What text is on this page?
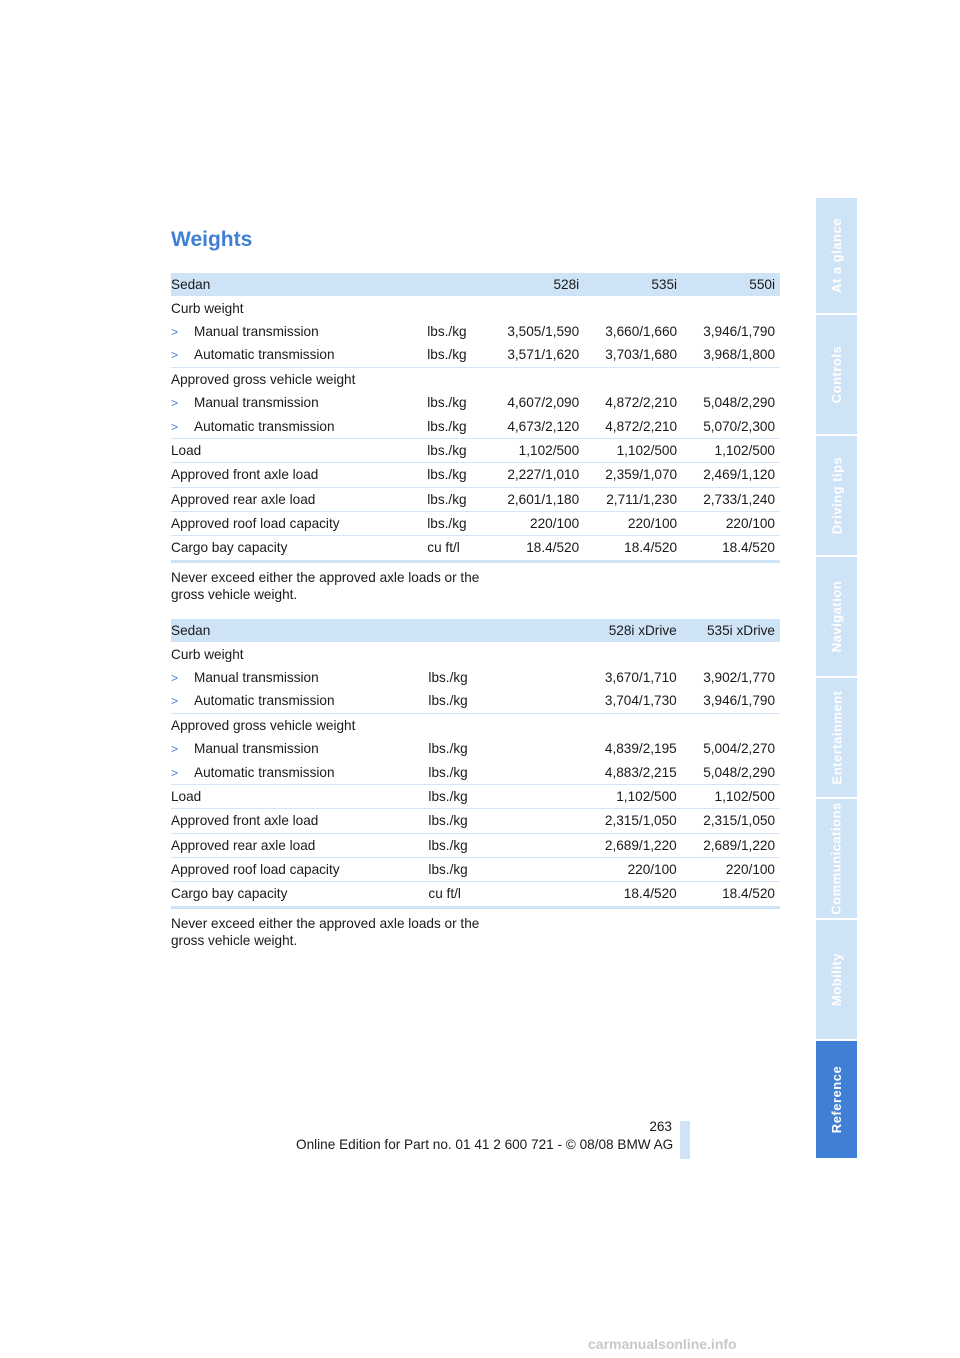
Weights
Sedan		528i	535i	550i
Curb weight				
> Manual transmission	lbs./kg	3,505/1,590	3,660/1,660	3,946/1,790
> Automatic transmission	lbs./kg	3,571/1,620	3,703/1,680	3,968/1,800
Approved gross vehicle weight				
> Manual transmission	lbs./kg	4,607/2,090	4,872/2,210	5,048/2,290
> Automatic transmission	lbs./kg	4,673/2,120	4,872/2,210	5,070/2,300
Load	lbs./kg	1,102/500	1,102/500	1,102/500
Approved front axle load	lbs./kg	2,227/1,010	2,359/1,070	2,469/1,120
Approved rear axle load	lbs./kg	2,601/1,180	2,711/1,230	2,733/1,240
Approved roof load capacity	lbs./kg	220/100	220/100	220/100
Cargo bay capacity	cu ft/l	18.4/520	18.4/520	18.4/520

Never exceed either the approved axle loads or the gross vehicle weight.

Sedan			528i xDrive	535i xDrive
Curb weight				
> Manual transmission	lbs./kg		3,670/1,710	3,902/1,770
> Automatic transmission	lbs./kg		3,704/1,730	3,946/1,790
Approved gross vehicle weight				
> Manual transmission	lbs./kg		4,839/2,195	5,004/2,270
> Automatic transmission	lbs./kg		4,883/2,215	5,048/2,290
Load	lbs./kg		1,102/500	1,102/500
Approved front axle load	lbs./kg		2,315/1,050	2,315/1,050
Approved rear axle load	lbs./kg		2,689/1,220	2,689/1,220
Approved roof load capacity	lbs./kg		220/100	220/100
Cargo bay capacity	cu ft/l		18.4/520	18.4/520

Never exceed either the approved axle loads or the gross vehicle weight.

At a glance
Controls
Driving tips
Navigation
Entertainment
Communications
Mobility
Reference
263
Online Edition for Part no. 01 41 2 600 721 - © 08/08 BMW AG
carmanualsonline.info
